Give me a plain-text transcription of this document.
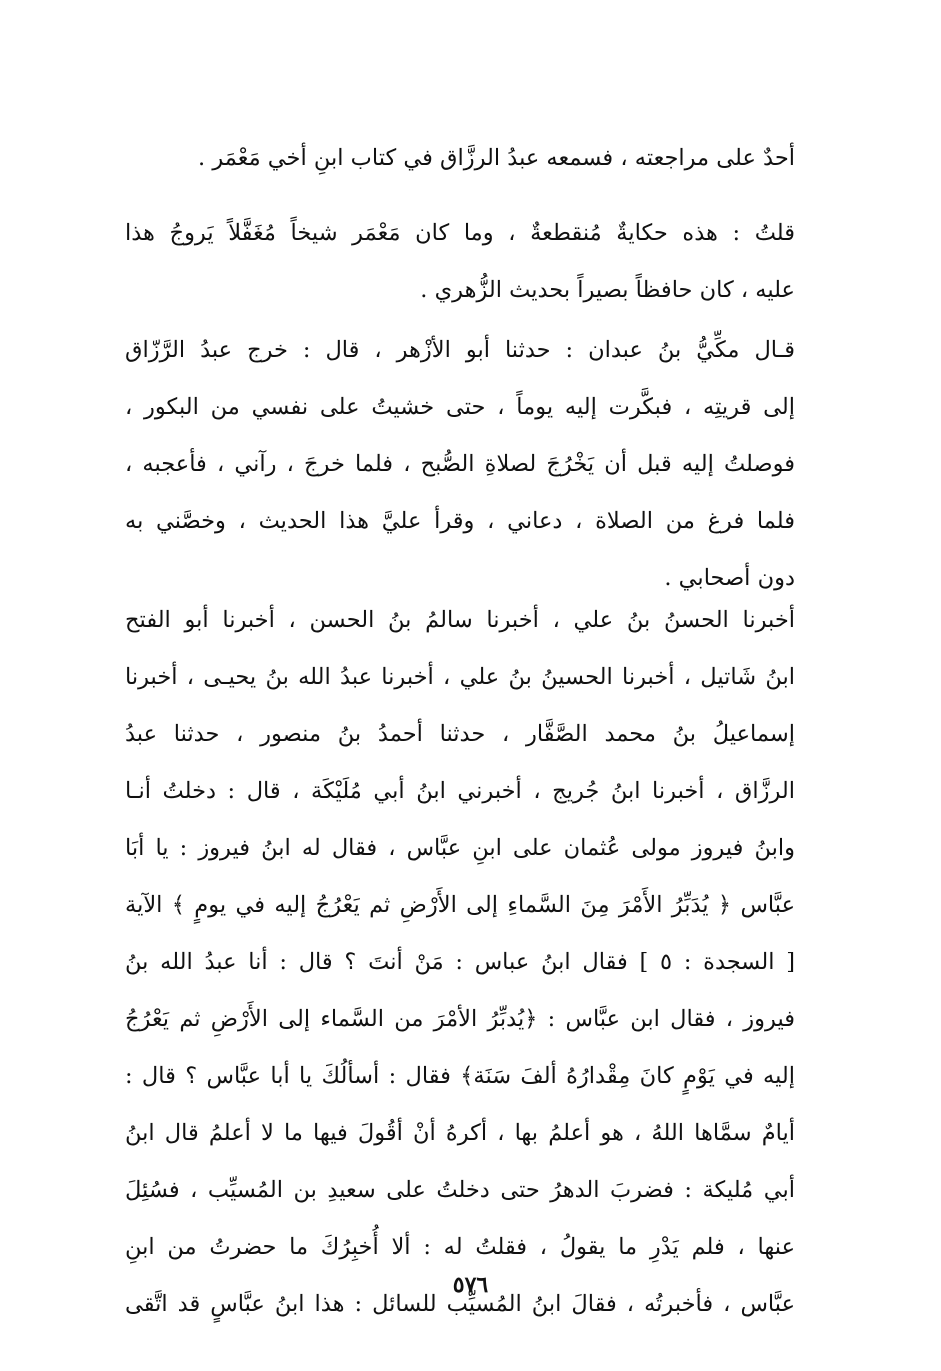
أحدٌ على مراجعته ، فسمعه عبدُ الرزَّاق في كتاب ابنِ أخي مَعْمَر .
قلتُ : هذه حكايةٌ مُنقطعةٌ ، وما كان مَعْمَر شيخاً مُغَفَّلاً يَروجُ هذا
عليه ، كان حافظاً بصيراً بحديث الزُّهري .
قـال مكِّيُّ بنُ عبدان : حدثنا أبو الأزْهر ، قال : خرج عبدُ الرَّزّاق
إلى قريتِه ، فبكَّرت إليه يوماً ، حتى خشيتُ على نفسي من البكور ،
فوصلتُ إليه قبل أن يَخْرُجَ لصلاةِ الصُّبح ، فلما خرجَ ، رآني ، فأعجبه ،
فلما فرغ من الصلاة ، دعاني ، وقرأ عليَّ هذا الحديث ، وخصَّني به
دون أصحابي .
أخبرنا الحسنُ بنُ علي ، أخبرنا سالمُ بنُ الحسن ، أخبرنا أبو الفتح
ابنُ شَاتيل ، أخبرنا الحسينُ بنُ علي ، أخبرنا عبدُ الله بنُ يحيـى ، أخبرنا
إسماعيلُ بنُ محمد الصَّفَّار ، حدثنا أحمدُ بنُ منصور ، حدثنا عبدُ
الرزَّاق ، أخبرنا ابنُ جُريج ، أخبرني ابنُ أبي مُلَيْكَة ، قال : دخلتُ أنـا
وابنُ فيروز مولى عُثمان على ابنِ عبَّاس ، فقال له ابنُ فيروز : يا أبَا
عبَّاس ﴿ يُدَبِّرُ الأَمْرَ مِنَ السَّماءِ إلى الأَرْضِ ثم يَعْرُجُ إليه في يومٍ ﴾ الآية
[ السجدة : ٥ ] فقال ابنُ عباس : مَنْ أنتَ ؟ قال : أنا عبدُ الله بنُ
فيروز ، فقال ابن عبَّاس : ﴿يُدبِّرُ الأمْرَ من السَّماء إلى الأَرْضِ ثم يَعْرُجُ
إليه في يَوْمٍ كانَ مِقْدارُهُ ألفَ سَنَة﴾ فقال : أسألُكَ يا أبا عبَّاس ؟ قال :
أيامٌ سمَّاها اللهُ ، هو أعلمُ بها ، أكرهُ أنْ أقُولَ فيها ما لا أعلمُ قال ابنُ
أبي مُليكة : فضربَ الدهرُ حتى دخلتُ على سعيدِ بن المُسيِّب ، فسُئِلَ
عنها ، فلم يَدْرِ ما يقولُ ، فقلتُ له : ألا أُخبِرُكَ ما حضرتُ من ابنِ
عبَّاس ، فأخبرتُه ، فقالَ ابنُ المُسيِّب للسائل : هذا ابنُ عبَّاسٍ قد اتَّقى
٥٧٦
